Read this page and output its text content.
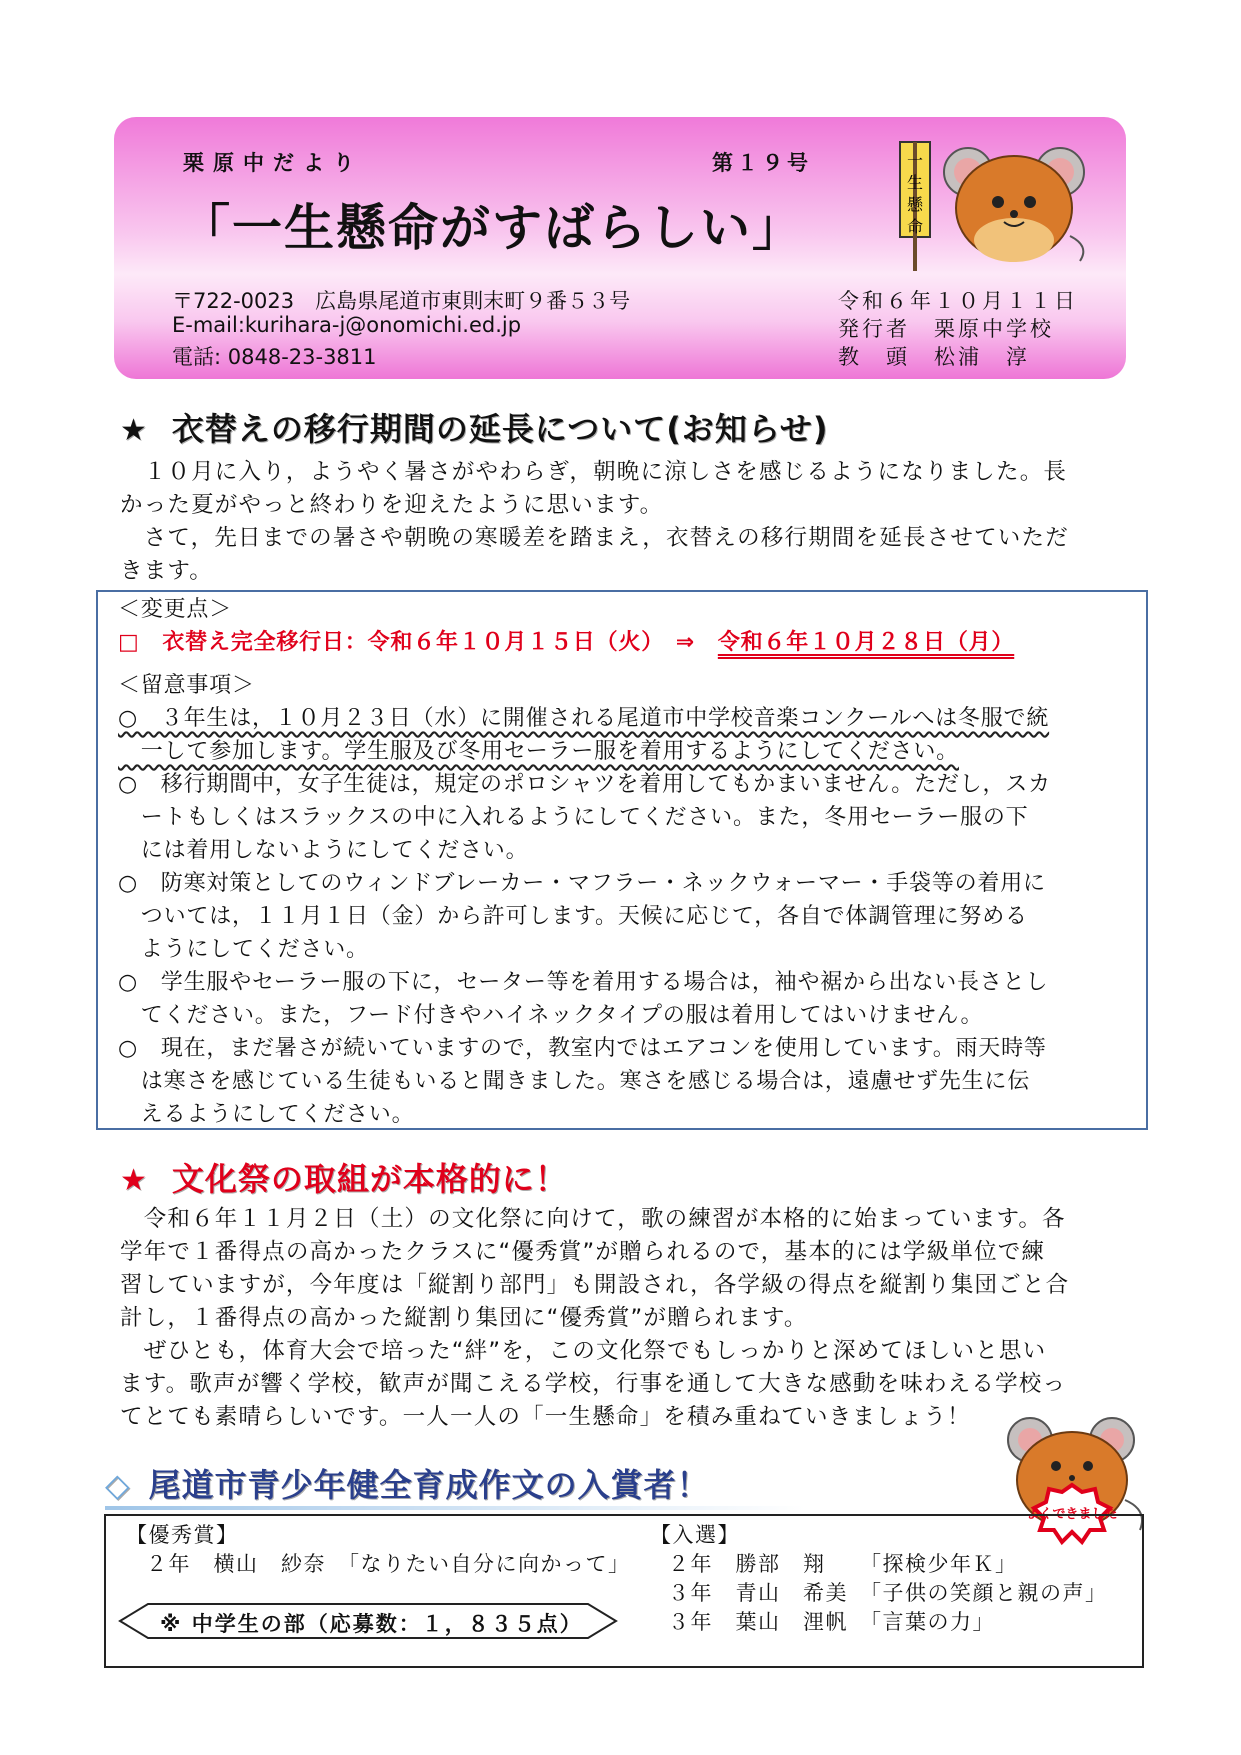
栗原中だより	第１９号
「一生懸命がすばらしい」
〒722-0023　広島県尾道市東則末町９番５３号
E-mail:kurihara-j@onomichi.ed.jp
電話: 0848-23-3811
令和６年１０月１１日
発行者　栗原中学校
教　頭　松浦　淳
一
生
懸
命
★ 衣替えの移行期間の延長について(お知らせ)
　１０月に入り，ようやく暑さがやわらぎ，朝晩に涼しさを感じるようになりました。長
かった夏がやっと終わりを迎えたように思います。
　さて，先日までの暑さや朝晩の寒暖差を踏まえ，衣替えの移行期間を延長させていただ
きます。
＜変更点＞
□　衣替え完全移行日：令和６年１０月１５日（火）　⇒　令和６年１０月２８日（月）
＜留意事項＞
○　３年生は，１０月２３日（水）に開催される尾道市中学校音楽コンクールへは冬服で統
　一して参加します。学生服及び冬用セーラー服を着用するようにしてください。
○　移行期間中，女子生徒は，規定のポロシャツを着用してもかまいません。ただし，スカ
　ートもしくはスラックスの中に入れるようにしてください。また，冬用セーラー服の下
　には着用しないようにしてください。
○　防寒対策としてのウィンドブレーカー・マフラー・ネックウォーマー・手袋等の着用に
　ついては，１１月１日（金）から許可します。天候に応じて，各自で体調管理に努める
　ようにしてください。
○　学生服やセーラー服の下に，セーター等を着用する場合は，袖や裾から出ない長さとし
　てください。また，フード付きやハイネックタイプの服は着用してはいけません。
○　現在，まだ暑さが続いていますので，教室内ではエアコンを使用しています。雨天時等
　は寒さを感じている生徒もいると聞きました。寒さを感じる場合は，遠慮せず先生に伝
　えるようにしてください。
★ 文化祭の取組が本格的に！
　令和６年１１月２日（土）の文化祭に向けて，歌の練習が本格的に始まっています。各
学年で１番得点の高かったクラスに“優秀賞”が贈られるので，基本的には学級単位で練
習していますが，今年度は「縦割り部門」も開設され，各学級の得点を縦割り集団ごと合
計し，１番得点の高かった縦割り集団に“優秀賞”が贈られます。
　ぜひとも，体育大会で培った“絆”を，この文化祭でもしっかりと深めてほしいと思い
ます。歌声が響く学校，歓声が聞こえる学校，行事を通して大きな感動を味わえる学校っ
てとても素晴らしいです。一人一人の「一生懸命」を積み重ねていきましょう！
よくできました
◇ 尾道市青少年健全育成作文の入賞者！
【優秀賞】
２年　横山　紗奈　「なりたい自分に向かって」
※ 中学生の部（応募数：１，８３５点）
【入選】
２年　勝部　翔　　「探検少年Ｋ」
３年　青山　希美　「子供の笑顔と親の声」
３年　葉山　浬帆　「言葉の力」
